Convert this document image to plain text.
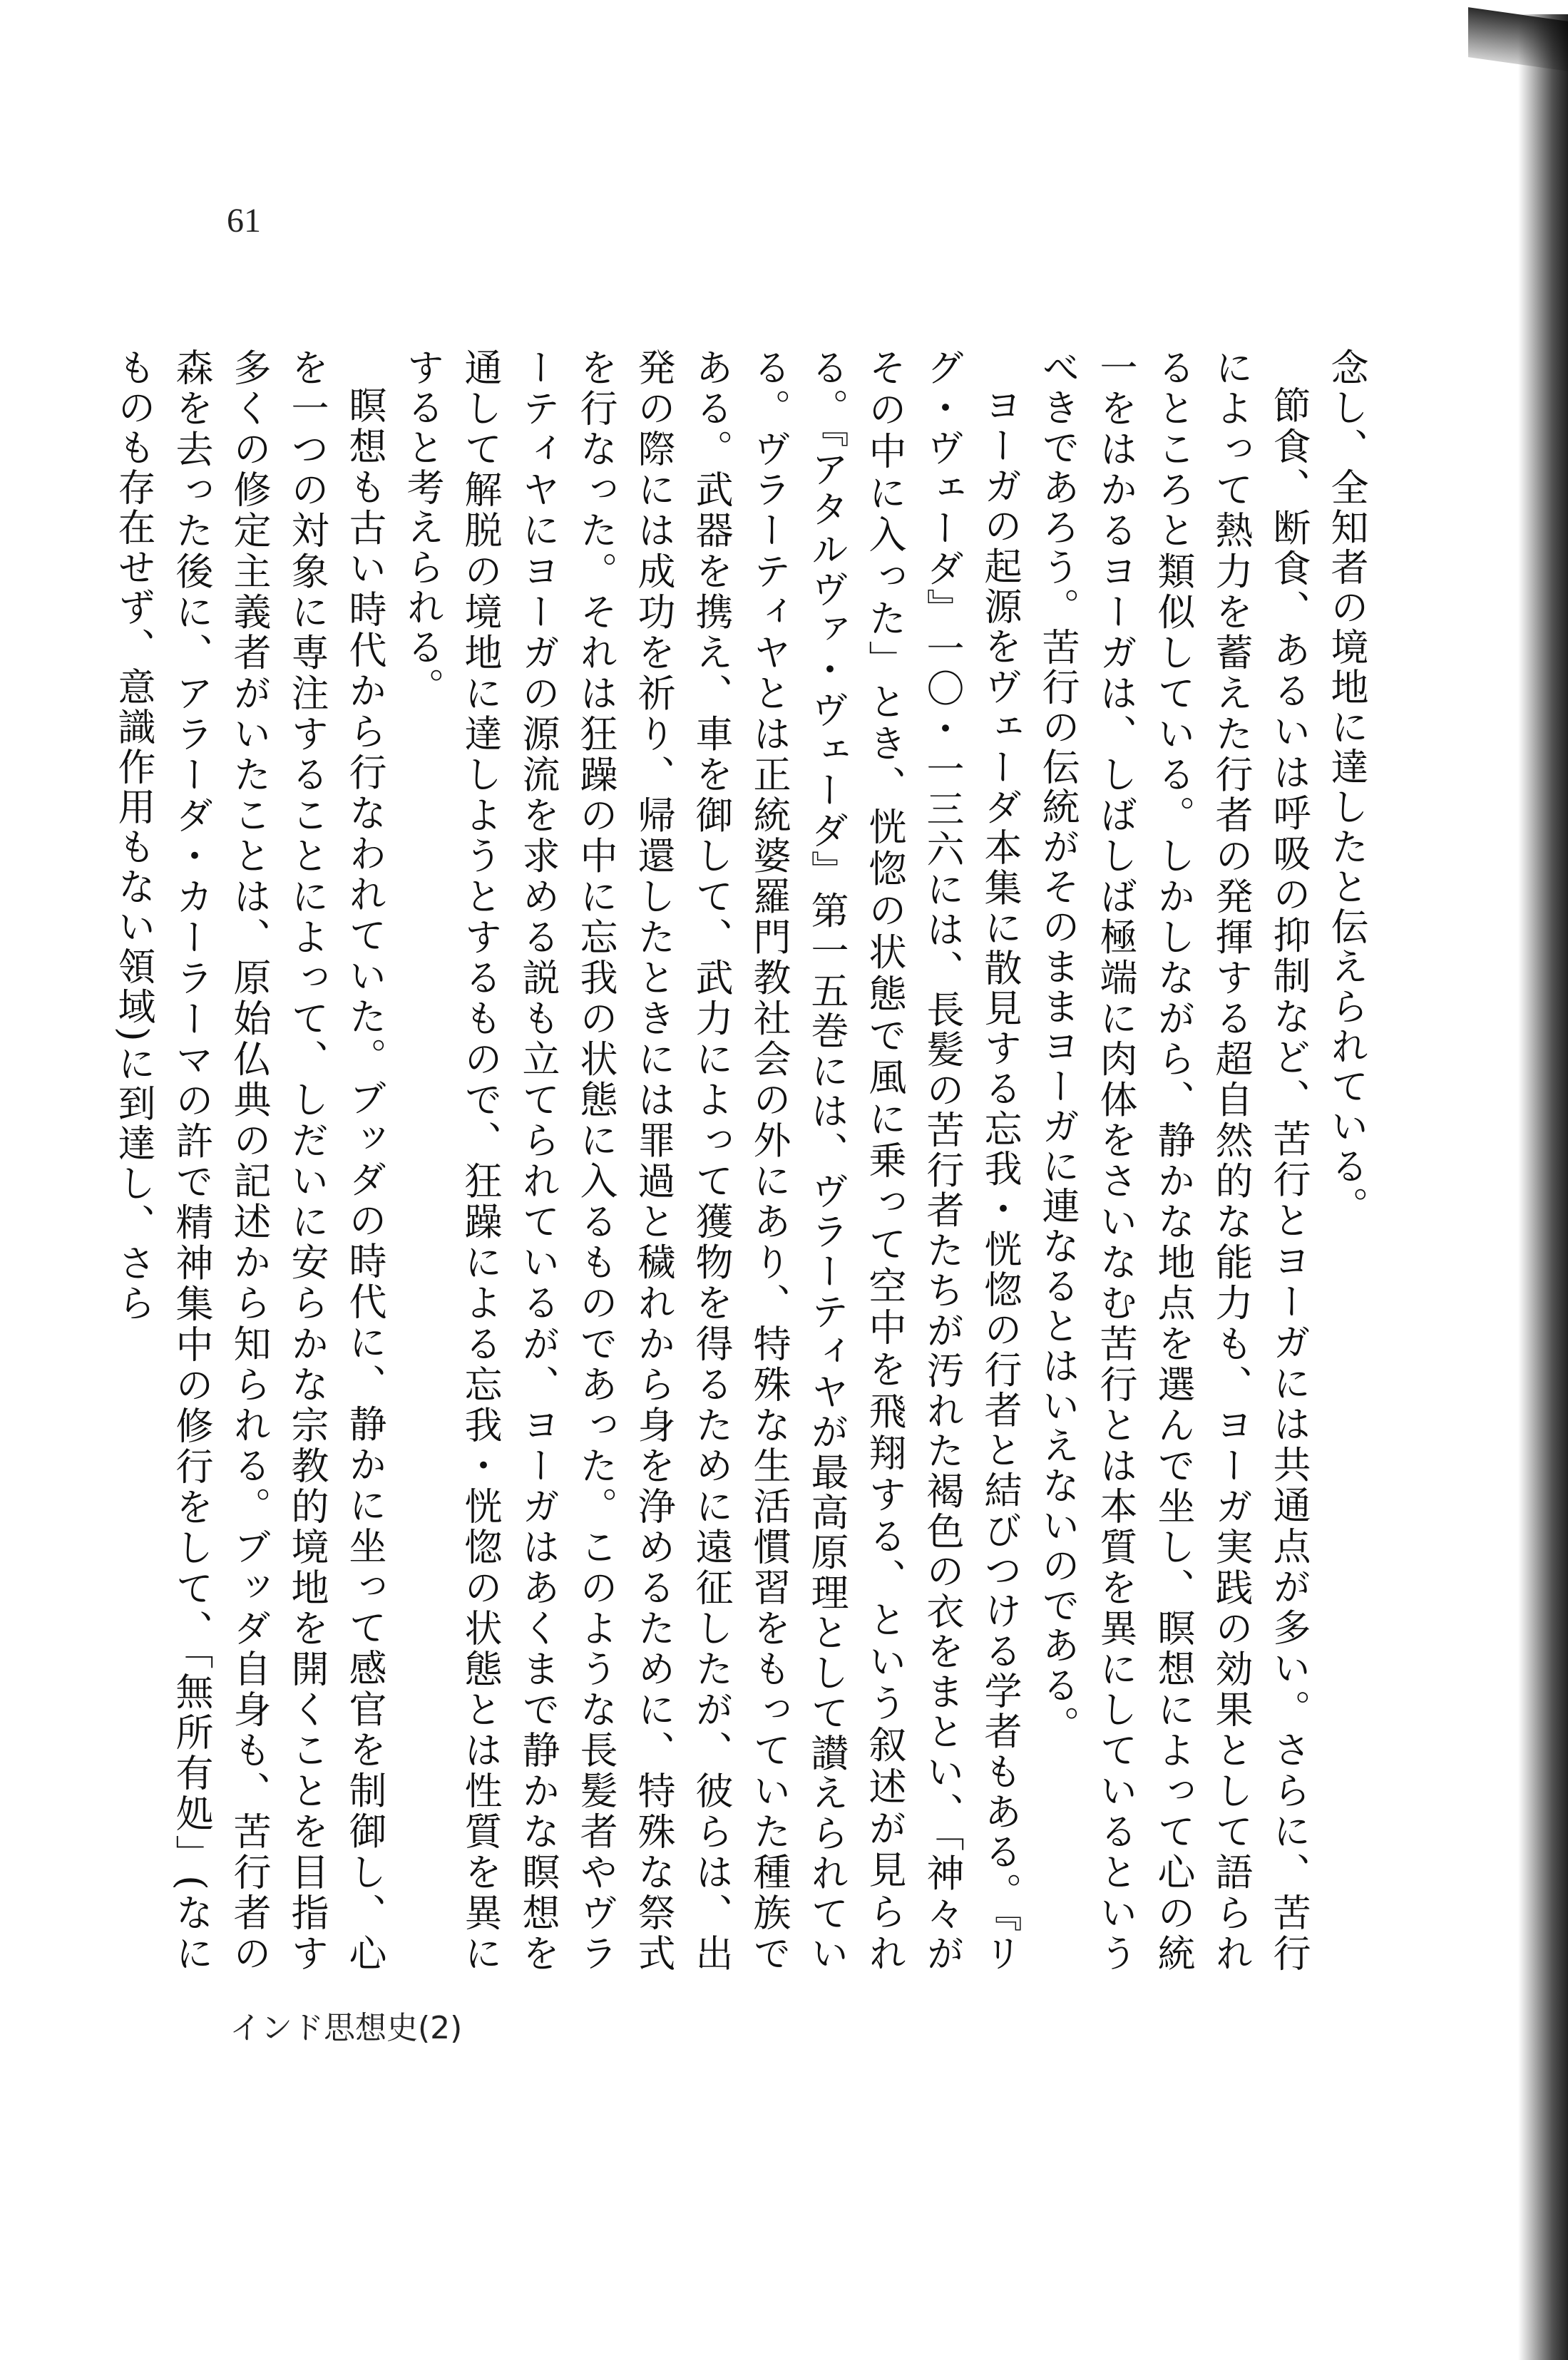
61

念し、全知者の境地に達したと伝えられている。

節食、断食、あるいは呼吸の抑制など、苦行とヨーガには共通点が多い。さらに、苦行によって熱力を蓄えた行者の発揮する超自然的な能力も、ヨーガ実践の効果として語られるところと類似している。しかしながら、静かな地点を選んで坐し、瞑想によって心の統一をはかるヨーガは、しばしば極端に肉体をさいなむ苦行とは本質を異にしているというべきであろう。苦行の伝統がそのままヨーガに連なるとはいえないのである。

ヨーガの起源をヴェーダ本集に散見する忘我・恍惚の行者と結びつける学者もある。『リグ・ヴェーダ』一〇・一三六には、長髪の苦行者たちが汚れた褐色の衣をまとい、「神々がその中に入った」とき、恍惚の状態で風に乗って空中を飛翔する、という叙述が見られる。『アタルヴァ・ヴェーダ』第一五巻には、ヴラーティヤが最高原理として讃えられている。ヴラーティヤとは正統婆羅門教社会の外にあり、特殊な生活慣習をもっていた種族である。武器を携え、車を御して、武力によって獲物を得るために遠征したが、彼らは、出発の際には成功を祈り、帰還したときには罪過と穢れから身を浄めるために、特殊な祭式を行なった。それは狂躁の中に忘我の状態に入るものであった。このような長髪者やヴラーティヤにヨーガの源流を求める説も立てられているが、ヨーガはあくまで静かな瞑想を通して解脱の境地に達しようとするもので、狂躁による忘我・恍惚の状態とは性質を異にすると考えられる。

瞑想も古い時代から行なわれていた。ブッダの時代に、静かに坐って感官を制御し、心を一つの対象に専注することによって、しだいに安らかな宗教的境地を開くことを目指す多くの修定主義者がいたことは、原始仏典の記述から知られる。ブッダ自身も、苦行者の森を去った後に、アラーダ・カーラーマの許で精神集中の修行をして、「無所有処」(なにものも存在せず、意識作用もない領域)に到達し、さら

インド思想史(2)
